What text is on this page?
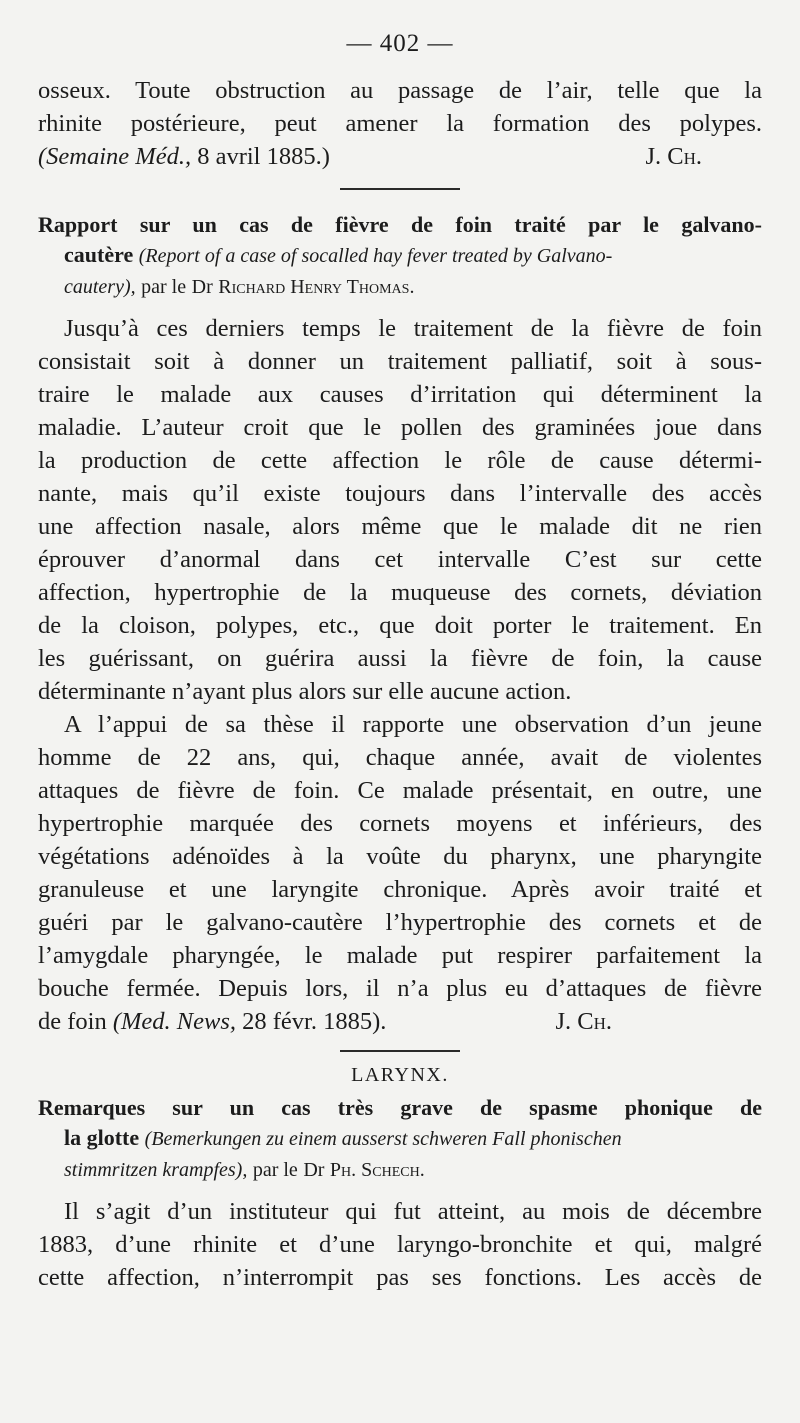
— 402 —
osseux. Toute obstruction au passage de l’air, telle que la
rhinite postérieure, peut amener la formation des polypes.
(Semaine Méd., 8 avril 1885.)	J. Ch.
Rapport sur un cas de fièvre de foin traité par le galvano-
cautère (Report of a case of socalled hay fever treated by Galvano-
cautery), par le Dr Richard Henry Thomas.
Jusqu’à ces derniers temps le traitement de la fièvre de foin
consistait soit à donner un traitement palliatif, soit à sous-
traire le malade aux causes d’irritation qui déterminent la
maladie. L’auteur croit que le pollen des graminées joue dans
la production de cette affection le rôle de cause détermi-
nante, mais qu’il existe toujours dans l’intervalle des accès
une affection nasale, alors même que le malade dit ne rien
éprouver d’anormal dans cet intervalle C’est sur cette
affection, hypertrophie de la muqueuse des cornets, déviation
de la cloison, polypes, etc., que doit porter le traitement. En
les guérissant, on guérira aussi la fièvre de foin, la cause
déterminante n’ayant plus alors sur elle aucune action.
A l’appui de sa thèse il rapporte une observation d’un jeune
homme de 22 ans, qui, chaque année, avait de violentes
attaques de fièvre de foin. Ce malade présentait, en outre, une
hypertrophie marquée des cornets moyens et inférieurs, des
végétations adénoïdes à la voûte du pharynx, une pharyngite
granuleuse et une laryngite chronique. Après avoir traité et
guéri par le galvano-cautère l’hypertrophie des cornets et de
l’amygdale pharyngée, le malade put respirer parfaitement la
bouche fermée. Depuis lors, il n’a plus eu d’attaques de fièvre
de foin (Med. News, 28 févr. 1885).	J. Ch.
LARYNX.
Remarques sur un cas très grave de spasme phonique de
la glotte (Bemerkungen zu einem ausserst schweren Fall phonischen
stimmritzen krampfes), par le Dr Ph. Schech.
Il s’agit d’un instituteur qui fut atteint, au mois de décembre
1883, d’une rhinite et d’une laryngo-bronchite et qui, malgré
cette affection, n’interrompit pas ses fonctions. Les accès de
